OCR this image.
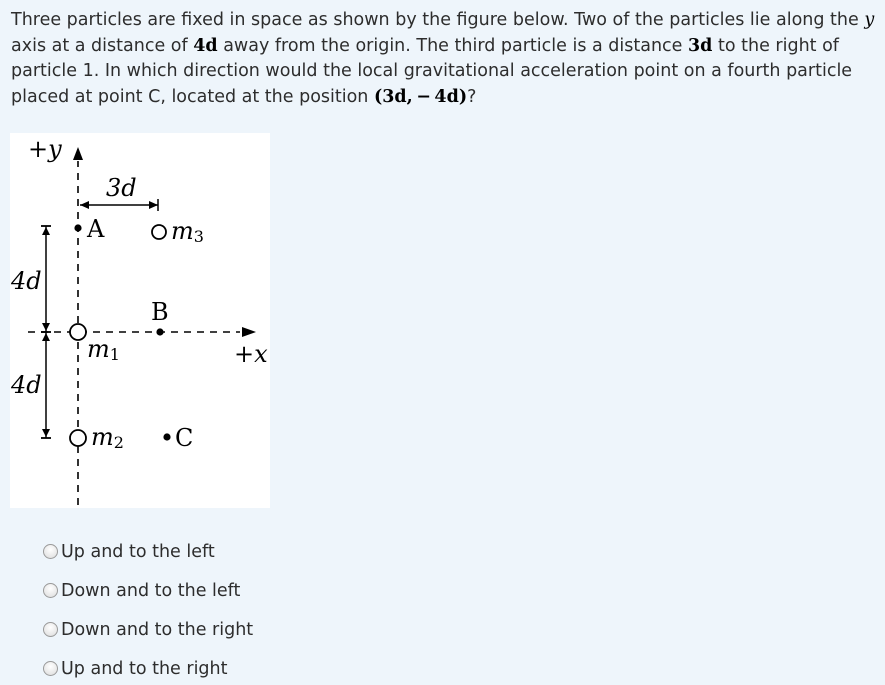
Three particles are fixed in space as shown by the figure below. Two of the particles lie along the y axis at a distance of 4d away from the origin. The third particle is a distance 3d to the right of particle 1. In which direction would the local gravitational acceleration point on a fourth particle placed at point C, located at the position (3d, − 4d)?

+y
+x
3d
4d
4d
A	m3
m1
B
m2 C
Up and to the left
Down and to the left
Down and to the right
Up and to the right
